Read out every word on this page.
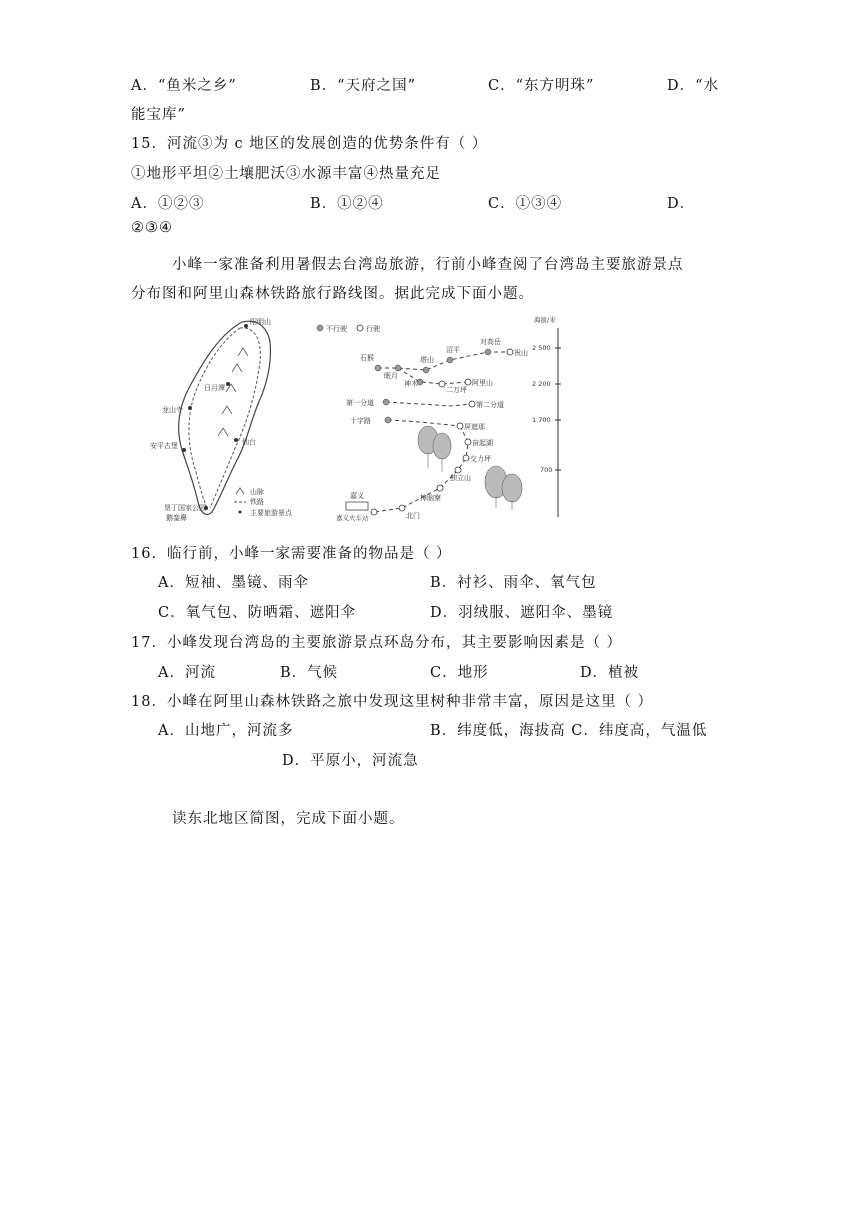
A．“鱼米之乡”	B．“天府之国”	C．“东方明珠”	D．“水
能宝库”
15．河流③为 c 地区的发展创造的优势条件有（ ）
①地形平坦②土壤肥沃③水源丰富④热量充足
A．①②③	B．①②④	C．①③④	D．
②③④
小峰一家准备利用暑假去台湾岛旅游，行前小峰查阅了台湾岛主要旅游景点
分布图和阿里山森林铁路旅行路线图。据此完成下面小题。
阳明山
日月潭
龙山寺
安平古堡	仙台
垦丁国家公园
鹅銮鼻
山脉
铁路
主要旅游景点
不行驶	行驶
石猴	塔山
沼平
对高岳
祝山
眠月
神木
二万坪
阿里山
第一分道	第二分道
十字路
屏遮那
奋起湖
交力坪
独立山
樟脑寮
北门
嘉义
嘉义火车站
海拔/米
2 500
2 200
1 700
700
16．临行前，小峰一家需要准备的物品是（ ）
A．短袖、墨镜、雨伞	B．衬衫、雨伞、氧气包
C．氧气包、防晒霜、遮阳伞	D．羽绒服、遮阳伞、墨镜
17．小峰发现台湾岛的主要旅游景点环岛分布，其主要影响因素是（ ）
A．河流	B．气候	C．地形	D．植被
18．小峰在阿里山森林铁路之旅中发现这里树种非常丰富，原因是这里（ ）
A．山地广，河流多	B．纬度低，海拔高 C．纬度高，气温低
D．平原小，河流急
读东北地区简图，完成下面小题。
